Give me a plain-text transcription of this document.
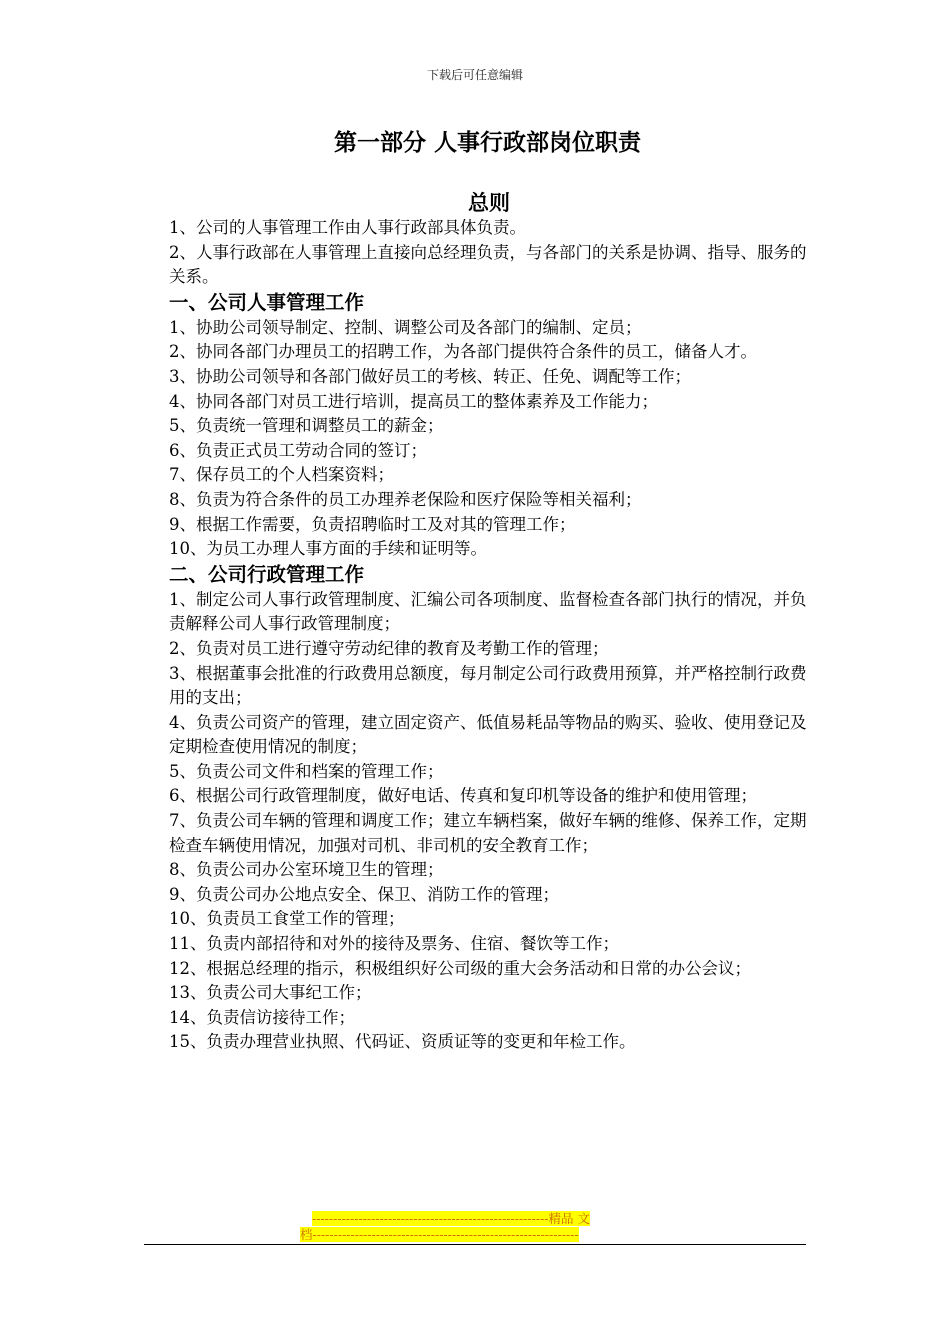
下载后可任意编辑
第一部分 人事行政部岗位职责
总则

1、公司的人事管理工作由人事行政部具体负责。

2、人事行政部在人事管理上直接向总经理负责，与各部门的关系是协调、指导、服务的关系。

一、公司人事管理工作

1、协助公司领导制定、控制、调整公司及各部门的编制、定员；

2、协同各部门办理员工的招聘工作，为各部门提供符合条件的员工，储备人才。

3、协助公司领导和各部门做好员工的考核、转正、任免、调配等工作；

4、协同各部门对员工进行培训，提高员工的整体素养及工作能力；

5、负责统一管理和调整员工的薪金；

6、负责正式员工劳动合同的签订；

7、保存员工的个人档案资料；

8、负责为符合条件的员工办理养老保险和医疗保险等相关福利；

9、根据工作需要，负责招聘临时工及对其的管理工作；

10、为员工办理人事方面的手续和证明等。

二、公司行政管理工作

1、制定公司人事行政管理制度、汇编公司各项制度、监督检查各部门执行的情况，并负责解释公司人事行政管理制度；

2、负责对员工进行遵守劳动纪律的教育及考勤工作的管理；

3、根据董事会批准的行政费用总额度，每月制定公司行政费用预算，并严格控制行政费用的支出；

4、负责公司资产的管理，建立固定资产、低值易耗品等物品的购买、验收、使用登记及定期检查使用情况的制度；

5、负责公司文件和档案的管理工作；

6、根据公司行政管理制度，做好电话、传真和复印机等设备的维护和使用管理；

7、负责公司车辆的管理和调度工作；建立车辆档案，做好车辆的维修、保养工作，定期检查车辆使用情况，加强对司机、非司机的安全教育工作；

8、负责公司办公室环境卫生的管理；

9、负责公司办公地点安全、保卫、消防工作的管理；

10、负责员工食堂工作的管理；

11、负责内部招待和对外的接待及票务、住宿、餐饮等工作；

12、根据总经理的指示，积极组织好公司级的重大会务活动和日常的办公会议；

13、负责公司大事纪工作；

14、负责信访接待工作；

15、负责办理营业执照、代码证、资质证等的变更和年检工作。

--------------------------------------------------------精品 文
档---------------------------------------------------------------
